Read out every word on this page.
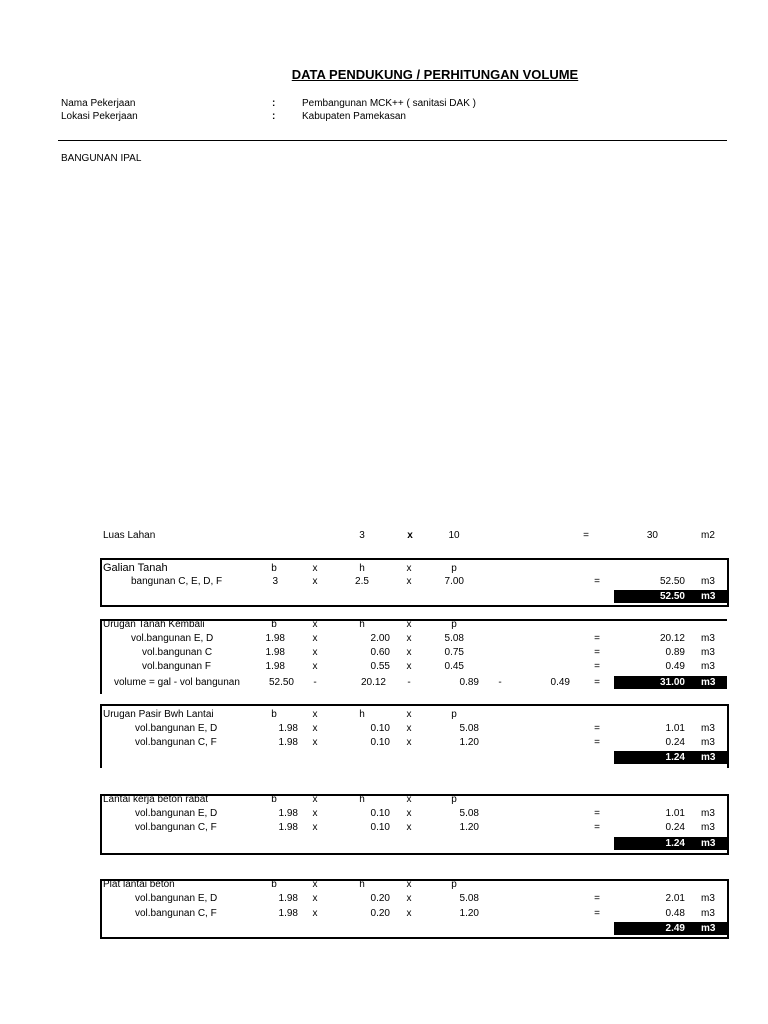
DATA PENDUKUNG / PERHITUNGAN VOLUME
Nama Pekerjaan	:	Pembangunan MCK++ ( sanitasi DAK )
Lokasi Pekerjaan	:	Kabupaten Pamekasan
BANGUNAN IPAL
Luas Lahan	3	x	10	=	30	m2
Galian Tanah	b	x	h	x	p
bangunan C, E, D, F	3	x	2.5	x	7.00	=	52.50 m3
52.50 m3
Urugan Tanah Kembali	b	x	h	x	p
vol.bangunan E, D	1.98	x	2.00	x	5.08	=	20.12 m3
vol.bangunan C	1.98	x	0.60	x	0.75	=	0.89 m3
vol.bangunan F	1.98	x	0.55	x	0.45	=	0.49 m3
volume = gal - vol bangunan	52.50	-	20.12	-	0.89	-	0.49	=	31.00 m3
Urugan Pasir Bwh Lantai	b	x	h	x	p
vol.bangunan E, D	1.98	x	0.10	x	5.08	=	1.01 m3
vol.bangunan C, F	1.98	x	0.10	x	1.20	=	0.24 m3
1.24 m3
Lantai kerja beton rabat	b	x	h	x	p
vol.bangunan E, D	1.98	x	0.10	x	5.08	=	1.01 m3
vol.bangunan C, F	1.98	x	0.10	x	1.20	=	0.24 m3
1.24 m3
Plat lantai beton	b	x	h	x	p
vol.bangunan E, D	1.98	x	0.20	x	5.08	=	2.01 m3
vol.bangunan C, F	1.98	x	0.20	x	1.20	=	0.48 m3
2.49 m3
